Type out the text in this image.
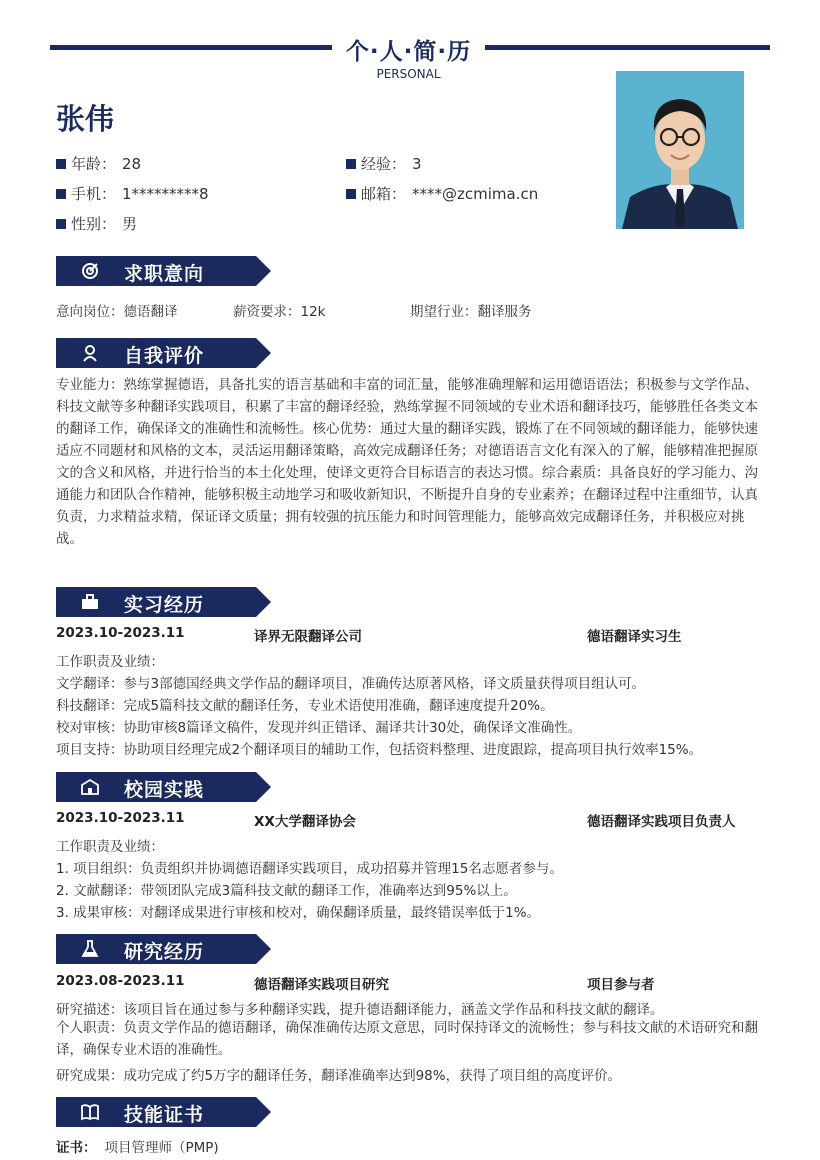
个·人·简·历
PERSONAL
张伟
年龄： 28	经验： 3
手机： 1*********8	邮箱： ****@zcmima.cn
性别： 男
求职意向
意向岗位：德语翻译	薪资要求：12k	期望行业：翻译服务
自我评价
专业能力：熟练掌握德语，具备扎实的语言基础和丰富的词汇量，能够准确理解和运用德语语法；积极参与文学作品、科技文献等多种翻译实践项目，积累了丰富的翻译经验，熟练掌握不同领域的专业术语和翻译技巧，能够胜任各类文本的翻译工作，确保译文的准确性和流畅性。核心优势：通过大量的翻译实践，锻炼了在不同领域的翻译能力，能够快速适应不同题材和风格的文本，灵活运用翻译策略，高效完成翻译任务；对德语语言文化有深入的了解，能够精准把握原文的含义和风格，并进行恰当的本土化处理，使译文更符合目标语言的表达习惯。综合素质：具备良好的学习能力、沟通能力和团队合作精神，能够积极主动地学习和吸收新知识，不断提升自身的专业素养；在翻译过程中注重细节，认真负责，力求精益求精，保证译文质量；拥有较强的抗压能力和时间管理能力，能够高效完成翻译任务，并积极应对挑战。
实习经历
2023.10-2023.11	译界无限翻译公司	德语翻译实习生
工作职责及业绩：
文学翻译：参与3部德国经典文学作品的翻译项目，准确传达原著风格，译文质量获得项目组认可。
科技翻译：完成5篇科技文献的翻译任务，专业术语使用准确，翻译速度提升20%。
校对审核：协助审核8篇译文稿件，发现并纠正错译、漏译共计30处，确保译文准确性。
项目支持：协助项目经理完成2个翻译项目的辅助工作，包括资料整理、进度跟踪，提高项目执行效率15%。
校园实践
2023.10-2023.11	XX大学翻译协会	德语翻译实践项目负责人
工作职责及业绩：
1. 项目组织：负责组织并协调德语翻译实践项目，成功招募并管理15名志愿者参与。
2. 文献翻译：带领团队完成3篇科技文献的翻译工作，准确率达到95%以上。
3. 成果审核：对翻译成果进行审核和校对，确保翻译质量，最终错误率低于1%。
研究经历
2023.08-2023.11	德语翻译实践项目研究	项目参与者
研究描述：该项目旨在通过参与多种翻译实践，提升德语翻译能力，涵盖文学作品和科技文献的翻译。
个人职责：负责文学作品的德语翻译，确保准确传达原文意思，同时保持译文的流畅性；参与科技文献的术语研究和翻译，确保专业术语的准确性。
研究成果：成功完成了约5万字的翻译任务，翻译准确率达到98%，获得了项目组的高度评价。
技能证书
证书： 项目管理师（PMP)
